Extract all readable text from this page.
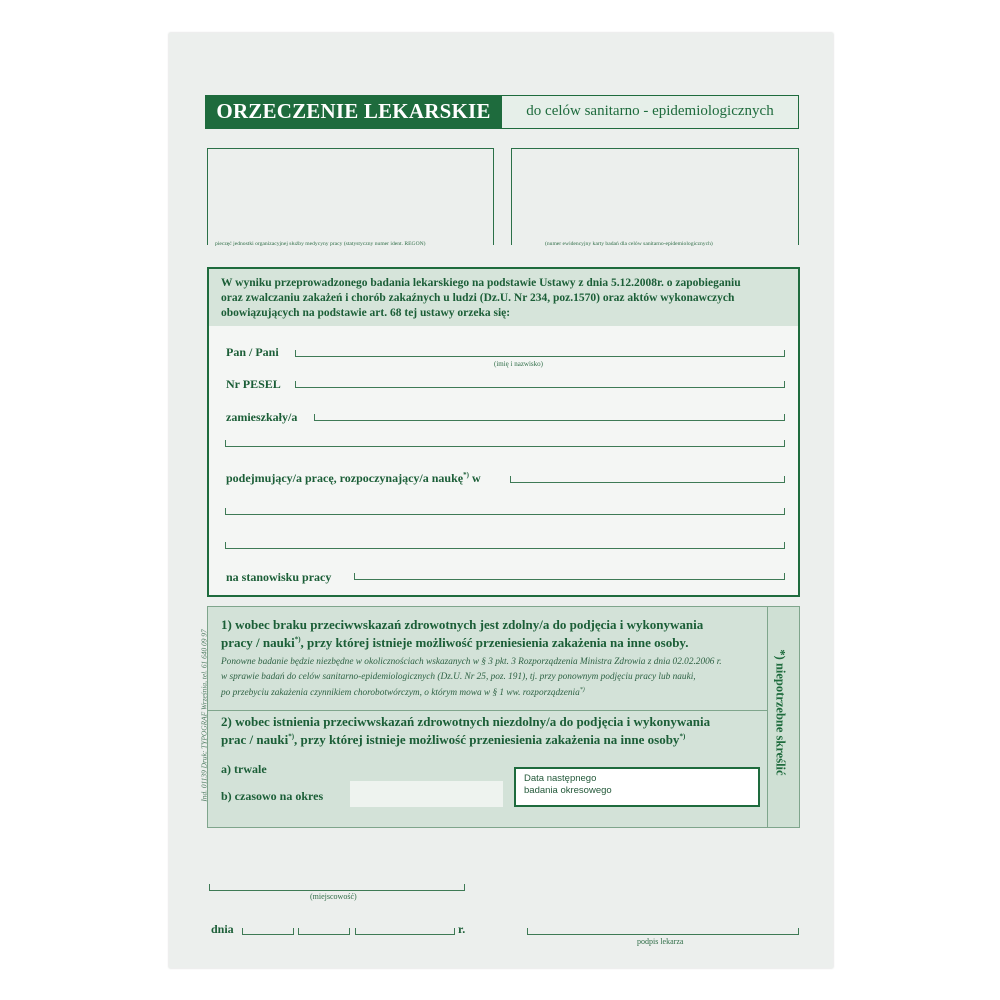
ORZECZENIE LEKARSKIE	do celów sanitarno - epidemiologicznych
pieczęć jednostki organizacyjnej służby medycyny pracy (statystyczny numer ident. REGON)	(numer ewidencyjny karty badań dla celów sanitarno-epidemiologicznych)
W wyniku przeprowadzonego badania lekarskiego na podstawie Ustawy z dnia 5.12.2008r. o zapobieganiu
oraz zwalczaniu zakażeń i chorób zakaźnych u ludzi (Dz.U. Nr 234, poz.1570) oraz aktów wykonawczych
obowiązujących na podstawie art. 68 tej ustawy orzeka się:
Pan / Pani
(imię i nazwisko)
Nr PESEL
zamieszkały/a
podejmujący/a pracę, rozpoczynający/a naukę*) w
na stanowisku pracy
1) wobec braku przeciwwskazań zdrowotnych jest zdolny/a do podjęcia i wykonywania
pracy / nauki*), przy której istnieje możliwość przeniesienia zakażenia na inne osoby.
Ponowne badanie będzie niezbędne w okolicznościach wskazanych w § 3 pkt. 3 Rozporządzenia Ministra Zdrowia z dnia 02.02.2006 r.
w sprawie badań do celów sanitarno-epidemiologicznych (Dz.U. Nr 25, poz. 191), tj. przy ponownym podjęciu pracy lub nauki,
po przebyciu zakażenia czynnikiem chorobotwórczym, o którym mowa w § 1 ww. rozporządzenia*)
2) wobec istnienia przeciwwskazań zdrowotnych niezdolny/a do podjęcia i wykonywania
prac / nauki*), przy której istnieje możliwość przeniesienia zakażenia na inne osoby*)
a) trwale
b) czasowo na okres
Data następnego
badania okresowego
*) niepotrzebne skreślić
Ind. 01139 Druk: TYPOGRAF Września, tel. 61 640 09 97
(miejscowość)
dnia	r.
podpis lekarza
